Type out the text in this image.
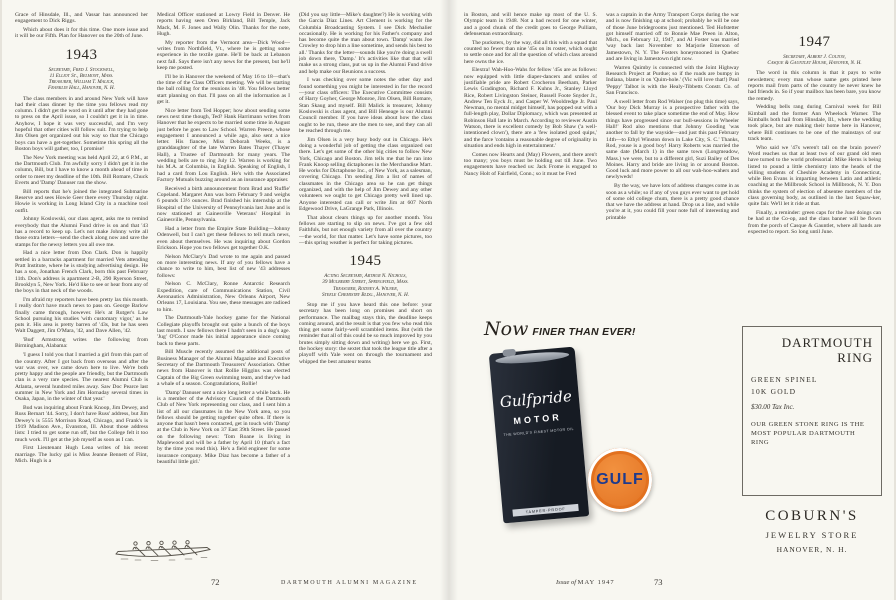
Grace of Hinsdale, Ill., and Vassar has announced her engagement to Dick Riggs.

Which about does it for this time. One more issue and it will be our Fifth. Plan for Hanover on the 20th of June.

1943

Secretary, Fred J. Stockwell,

11 Elliot St., Belmont, Mass.

Treasurer, William T. Malick,

Franklin Hall, Hanover, N. H.

The class members in and around New York will have had their class dinner by the time you fellows read my column. I didn't get the word on it until after they had gone to press on the April issue, so I couldn't get it in in time. Anyhow, I hope it was very successful, and I'm very hopeful that other cities will follow suit. I'm trying to help Jim Olsen get organized out his way so that the Chicago boys can have a get-together. Sometime this spring all the Boston boys will gather, too, I promise!

The New York meeting was held April 22, at 6 P.M., at the Dartmouth Club. I'm awfully sorry I didn't get it in the column, Bill, but I have to know a month ahead of time in order to meet my deadline of the 10th. Bill Romare, Chuck Everts and 'Damp' Danuser ran the show.

Bill reports that he's joined the integrated Submarine Reserve and sees Howie Geer there every Thursday night. Howie is working in Long Island City in a machine tool outfit.

Johnny Koslowski, our class agent, asks me to remind everybody that the Alumni Fund drive is on and that '43 has a record to keep up. Let's not make Johnny write all those extra letters—send the check along now and save the stamps for the newsy letters you all owe me.

Had a nice letter from Don Clark. Don is happily settled in a barracks apartment for married Vets attending Pratt Institute, where he is studying advertising design. He has a son, Jonathan French Clark, born this past February 11th. Don's address is apartment 2-B, 290 Ryerson Street, Brooklyn 5, New York. He'd like to see or hear from any of the boys in that neck of the woods.

I'm afraid my reporters have been pretty lax this month. I really don't have much news to pass on. George Barlow finally came through, however. He's at Rutger's Law School pursuing his studies 'with customary vigor,' as he puts it. His area is pretty barren of '43s, but he has seen Walt Daggett, Jim O'Mara, '42, and Dave Allen, '42.

'Bud' Armstrong writes the following from Birmingham, Alabama:

'I guess I told you that I married a girl from this part of the country. After I got back from overseas and after the war was over, we came down here to live. We're both pretty happy and the people are friendly, but the Dartmouth clan is a very rare species. The nearest Alumni Club is Atlanta, several hundred miles away. Saw Doc Pearce last summer in New York and Jim Hornaday several times in Osaka, Japan, in the winter of that year.'

Bud was inquiring about Frank Knoop, Jim Dewey, and Russ Bernart '44. Sorry, I don't have Russ' address, but Jim Dewey's is 5555 Morrison Road, Chicago, and Frank's is 1919 Madison Ave., Evanston, Ill. About those address lists: I tried to get some run off, but the College felt it too much work. I'll get at the job myself as soon as I can.

First Lieutenant Hugh Lena writes of his recent marriage. The lucky gal is Miss Jeanne Bennett of Flint, Mich. Hugh is a

Medical Officer stationed at Lowry Field in Denver. He reports having seen Oren Birkland, Bill Temple, Jack Mack, M. F. Jones and Wally Olin. Thanks for the note, Hugh.

My reporter from the Vermont area—Dick Wood—writes from Northfield, Vt., where he is getting some experience in the textile game. He'll be back at Lebanon next fall. Says there isn't any news for the present, but he'll keep me posted.

I'll be in Hanover the weekend of May 16 to 18—that's the time of the Class Officers meeting. We will be starting the ball rolling for the reunions in '48. You fellows better start planning on that. I'll pass on all the information as I get it.

Nice letter from Ted Hopper; how about sending some news next time though, Ted? Hank Harrimann writes from Hanover that he expects to be married some time in August just before he goes to Law School. Warren Preece, whose engagement I announced a while ago, also sent a nice letter. His fiancee, Miss Deborah Weeks, is a granddaughter of the late Warren Bates Thayer (Thayer Hall), a Trustee of Dartmouth for many years. The wedding bells are to ring July 12. Warren is working for his M.A. at Columbia, in English. Speaking of English, I had a card from Lou English. He's with the Associated Factory Mutuals buzzing around as an insurance appraiser.

Received a birth announcement from Brad and 'Ruffie' Copeland. Margaret Ann was born February 9 and weighs 6 pounds 13½ ounces. Brad finished his internship at the Hospital of the University of Pennsylvania last June and is now stationed at Gainesville Veterans' Hospital in Gainesville, Pennsylvania.

Had a letter from the Empire State Building—Johnny Odenwell, but I can't get these fellows to tell much news, even about themselves. He was inquiring about Gordon Erickson. Hope you two fellows get together O.K.

Nelson McClary's Dad wrote to me again and passed on more interesting news. If any of you fellows have a chance to write to him, best list of new '43 addresses follows:

Nelson C. McClary, Ronne Antarctic Research Expedition, care of Communications Station, Civil Aeronautics Administration, New Orleans Airport, New Orleans 17, Louisiana. You see, these messages are radioed to him.

The Dartmouth-Yale hockey game for the National Collegiate playoffs brought out quite a bunch of the boys last month. I saw fellows there I hadn't seen in a dog's age. 'Jug' O'Conor made his initial appearance since coming back to these parts.

Bill Muscle recently assumed the additional posts of Business Manager of the Alumni Magazine and Executive Secretary of the Dartmouth Treasurers' Association. Other news from Hanover is that Rollie Higgins was elected Captain of the Big Green swimming team, and they've had a whale of a season. Congratulations, Rollie!

'Damp' Danuser sent a nice long letter a while back. He is a member of the Advisory Council of the Dartmouth Club of New York representing our class, and I sent him a list of all our classmates in the New York area, so you fellows should be getting together quite often. If there is anyone that hasn't been contacted, get in touch with 'Damp' at the Club in New York on 37 East 39th Street. He passed on the following news: 'Tom Roane is living in Maplewood and will be a father by April 10 (that's a fact by the time you read this). He's a field engineer for some insurance company. Mike Diaz has become a father of a beautiful little girl.'

(Did you say little—Mike's daughter?) He is working with the Garcia Diaz Lines. Art Clement is working for the Columbia Broadcasting System. I see Dick Mechalier occasionally. He is working for his Father's company and has become quite the man about town. 'Damp' wants Joe Crowley to drop him a line sometime, and sends his best to all.' Thanks for the letter—sounds like you're doing a swell job down there, 'Damp.' It's activities like that that will make us a strong class, put us up in the Alumni Fund drive and help make our Reunions a success.

I was checking over some notes the other day and found something you might be interested in for the record—your class officers: The Executive Committee consists of Harry Goyher, George Monroe, Jim Olsen, Bill Romare, Stan Skaug and myself. Bill Malick is treasurer, Johnny Koslowski is class agent, and Bill Heneage is our Alumni Council member. If you have ideas about how the class ought to be run, these are the men to see, and they can all be reached through me.

Jim Olsen is a very busy body out in Chicago. He's doing a wonderful job of getting the class organized out there. Let's get some of the other big cities to follow New York, Chicago and Boston. Jim tells me that he ran into Frank Knoop selling dictaphones in the Merchandise Mart. He works for Dictaphone Inc., of New York, as a salesman, covering Chicago. I'm sending Jim a list of names of classmates in the Chicago area so he can get things organized, and with the help of Jim Dewey and any other volunteers we ought to get Chicago pretty well lined up. Anyone interested can call or write Jim at 607 North Edgewood Drive, LaGrange Park, Illinois.

That about clears things up for another month. You fellows are starting to slip on news. I've got a few old Faithfuls, but not enough variety from all over the country—the world, for that matter. Let's have some pictures, too—this spring weather is perfect for taking pictures.

1945

Acting Secretary, Arthur N. Nichols,

39 Mulberry Street, Springfield, Mass.

Treasurer, Rodney A. Wilner,

Steele Chemistry Bldg., Hanover, N. H.

Stop me if you have heard this one before: your secretary has been long on promises and short on performance. The mailbag stays thin, the deadline keeps coming around, and the result is that you few who read this thing get some fairly-well scrambled items. But (with the reminder that all of this could be so much improved by you brutes simply sitting down and writing) here we go. First, the hockey story: the sextet that took the league title after a playoff with Yale went on through the tournament and whipped the best amateur teams

72	DARTMOUTH ALUMNI MAGAZINE

in Boston, and will hence make up most of the U. S. Olympic team in 1948. Not a bad record for one winter, and a good chunk of the credit goes to George Pulliam, defenseman extraordinary.

The pucksters, by the way, did all this with a squad that counted no fewer than nine '45s on its roster, which ought to settle once and for all the question of which class around here owns the ice.

Elextra! Wah-Hoo-Wahs for fellow '45s are as follows: now equipped with little diaper-dancers and smiles of justifiable pride are Robert Crocheron Beetham, Parker Lewis Gradington, Richard F. Kuhns Jr., Stanley Lloyd Rice, Robert Livingston Steiner, Russell Foote Snyder Jr., Andrew Ten Eyck Jr., and Casper W. Wooldredge Jr. Paul Newman, no mental midget himself, has popped out with a full-length play, Dollar Diplomacy, which was presented at Robinson Hall late in March. According to reviewer Austin Watson, there is excellent comedy by Bob Shaw ('a well-intentioned clown'), there are a 'few isolated good quips,' and the farce 'contains a reasonable degree of originality in situation and ends high in entertainment.'

Comes now Hearts and (May) Flowers, and there aren't too many; you boys must be holding out till June. Two engagements have reached us: Jack Frome is engaged to Nancy Holt of Fairfield, Conn.; so it must be Fred

was a captain in the Army Transport Corps during the war and is now finishing up at school; probably he will be one of those June bridegrooms just mentioned. Ted Hofstetter got himself married off to Bonnie Mae Preen in Alton, Mich., on February 12, 1947, and Al Foster was married 'way back last November to Marjorie Emerson of Jamestown, N. Y. The Fosters honeymooned in Quebec and are living in Jamestown right now.

Warren Quimby is connected with the Joint Highway Research Project at Purdue; so if the roads are bumpy in Indiana, blame it on 'Quim-hole.' (Vic will love that!) Paul 'Peppy' Talbot is with the Healy-Tibbetts Constr. Co. of San Francisco.

A swell letter from Rod Walser (no plug this time) says, 'Our boy Dick Murray is a prospective father with the blessed event to take place sometime the end of May. How things have progressed since our bull-sessions in Wheeler Hall!' Rod also mentions that Johnny Gooding 'was another to fall by the wayside—and just this past February 14th—to Ethyl Winston down in Lake City, S. C.' Thanks, Rod, youse is a good boy! Harry Roberts was married the same date (March 1) in the same town (Longmeadow, Mass.) we were, but to a different girl, Suzi Bailey of Des Moines. Harry and bride are living in or around Boston. Good luck and more power to all our wah-hoo-wahers and newlyweds!

By the way, we have lots of address changes come in as soon as a while; so if any of you guys ever want to get hold of some old college chum, there is a pretty good chance that we have the address at hand. Drop us a line, and while you're at it, you could fill your note full of interesting and printable

1947

Secretary, Albert J. Colton,

Casque & Gauntlet House, Hanover, N. H.

The word in this column is that it pays to write newsletters; every man whose name gets printed here reports mail from parts of the country he never knew he had friends in. So if your mailbox has been bare, you know the remedy.

Wedding bells rang during Carnival week for Bill Kimball and the former Ann Wheelock Warner. The Kimballs both hail from Hinsdale, Ill., where the wedding took place, but are making their home here in Hanover, where Bill continues to be one of the mainstays of our track team.

Who said we '47s weren't tall on the brain power? Word reaches us that at least two of our grand old men have turned to the world professorial: Mike Herns is being listed to pound a little chemistry into the heads of the willing students of Cheshire Academy in Connecticut, while Ben Evans is imparting between Latin and athletic coaching at the Millbrook School in Millbrook, N. Y. Don thinks the system of election of absentee members of the class governing body, as outlined in the last Squaw-ker, quite fair. We'll let it ride at that.

Finally, a reminder: green caps for the June doings can be had at the Co-op, and the class banner will be flown from the porch of Casque & Gauntlet, where all hands are expected to report. So long until June.

Now FINER THAN EVER!
Gulfpride
MOTOR
THE WORLD'S FINEST MOTOR OIL
TAMPER-PROOF
GULF
DARTMOUTH
RING
GREEN SPINEL
10K GOLD
$30.00 Tax Inc.
OUR GREEN STONE RING IS THE MOST POPULAR DARTMOUTH RING
COBURN'S
JEWELRY STORE
HANOVER, N. H.
Issue of MAY 1947	73
